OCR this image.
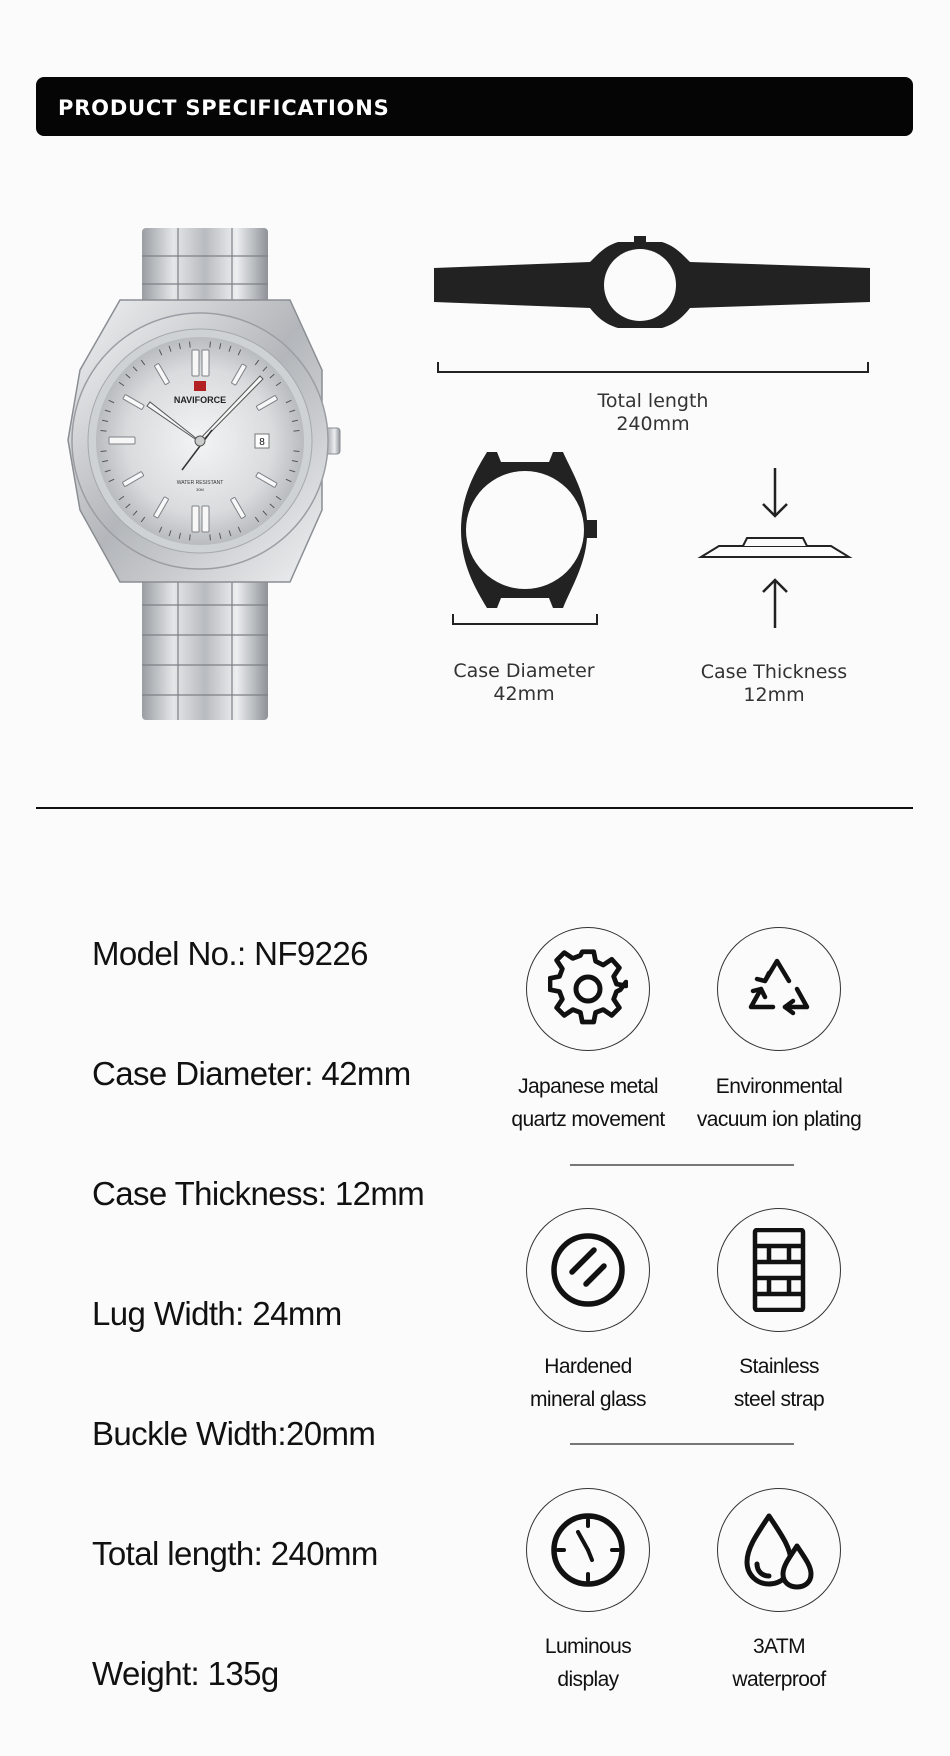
PRODUCT SPECIFICATIONS
8
NAVIFORCE
WATER RESISTANT
30M
Total length
240mm
Case Diameter
42mm
Case Thickness
12mm
Model No.: NF9226
Case Diameter: 42mm
Case Thickness: 12mm
Lug Width: 24mm
Buckle Width:20mm
Total length: 240mm
Weight: 135g
Japanese metal
quartz movement
Environmental
vacuum ion plating
Hardened
mineral glass
Stainless
steel strap
Luminous
display
3ATM
waterproof
